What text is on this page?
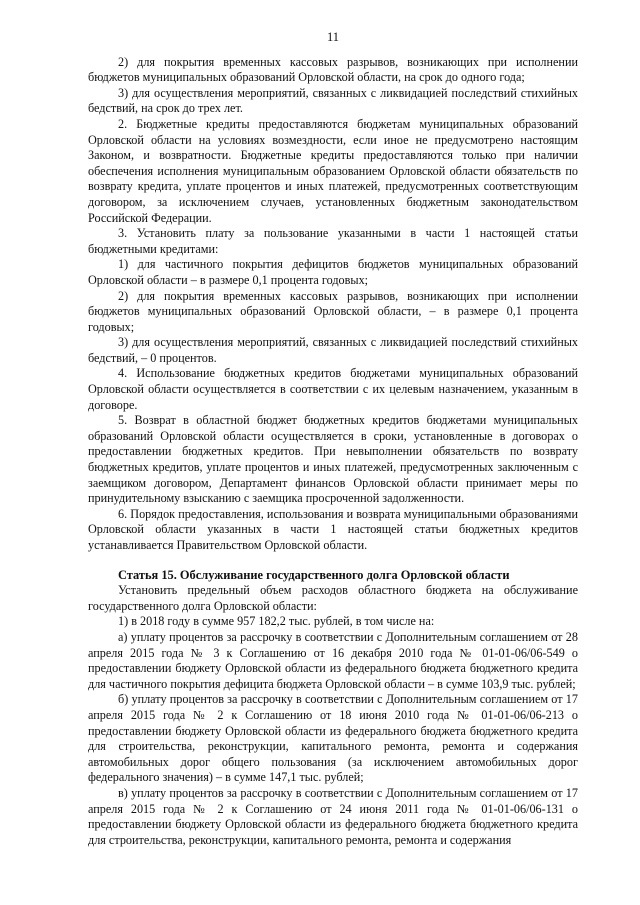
11

2) для покрытия временных кассовых разрывов, возникающих при исполнении бюджетов муниципальных образований Орловской области, на срок до одного года;

3) для осуществления мероприятий, связанных с ликвидацией последствий стихийных бедствий, на срок до трех лет.

2. Бюджетные кредиты предоставляются бюджетам муниципальных образований Орловской области на условиях возмездности, если иное не предусмотрено настоящим Законом, и возвратности. Бюджетные кредиты предоставляются только при наличии обеспечения исполнения муниципальным образованием Орловской области обязательств по возврату кредита, уплате процентов и иных платежей, предусмотренных соответствующим договором, за исключением случаев, установленных бюджетным законодательством Российской Федерации.

3. Установить плату за пользование указанными в части 1 настоящей статьи бюджетными кредитами:

1) для частичного покрытия дефицитов бюджетов муниципальных образований Орловской области – в размере 0,1 процента годовых;

2) для покрытия временных кассовых разрывов, возникающих при исполнении бюджетов муниципальных образований Орловской области, – в размере 0,1 процента годовых;

3) для осуществления мероприятий, связанных с ликвидацией последствий стихийных бедствий, – 0 процентов.

4. Использование бюджетных кредитов бюджетами муниципальных образований Орловской области осуществляется в соответствии с их целевым назначением, указанным в договоре.

5. Возврат в областной бюджет бюджетных кредитов бюджетами муниципальных образований Орловской области осуществляется в сроки, установленные в договорах о предоставлении бюджетных кредитов. При невыполнении обязательств по возврату бюджетных кредитов, уплате процентов и иных платежей, предусмотренных заключенным с заемщиком договором, Департамент финансов Орловской области принимает меры по принудительному взысканию с заемщика просроченной задолженности.

6. Порядок предоставления, использования и возврата муниципальными образованиями Орловской области указанных в части 1 настоящей статьи бюджетных кредитов устанавливается Правительством Орловской области.

Статья 15. Обслуживание государственного долга Орловской области

Установить предельный объем расходов областного бюджета на обслуживание государственного долга Орловской области:

1) в 2018 году в сумме 957 182,2 тыс. рублей, в том числе на:

а) уплату процентов за рассрочку в соответствии с Дополнительным соглашением от 28 апреля 2015 года № 3 к Соглашению от 16 декабря 2010 года № 01-01-06/06-549 о предоставлении бюджету Орловской области из федерального бюджета бюджетного кредита для частичного покрытия дефицита бюджета Орловской области – в сумме 103,9 тыс. рублей;

б) уплату процентов за рассрочку в соответствии с Дополнительным соглашением от 17 апреля 2015 года № 2 к Соглашению от 18 июня 2010 года № 01-01-06/06-213 о предоставлении бюджету Орловской области из федерального бюджета бюджетного кредита для строительства, реконструкции, капитального ремонта, ремонта и содержания автомобильных дорог общего пользования (за исключением автомобильных дорог федерального значения) – в сумме 147,1 тыс. рублей;

в) уплату процентов за рассрочку в соответствии с Дополнительным соглашением от 17 апреля 2015 года № 2 к Соглашению от 24 июня 2011 года № 01-01-06/06-131 о предоставлении бюджету Орловской области из федерального бюджета бюджетного кредита для строительства, реконструкции, капитального ремонта, ремонта и содержания
